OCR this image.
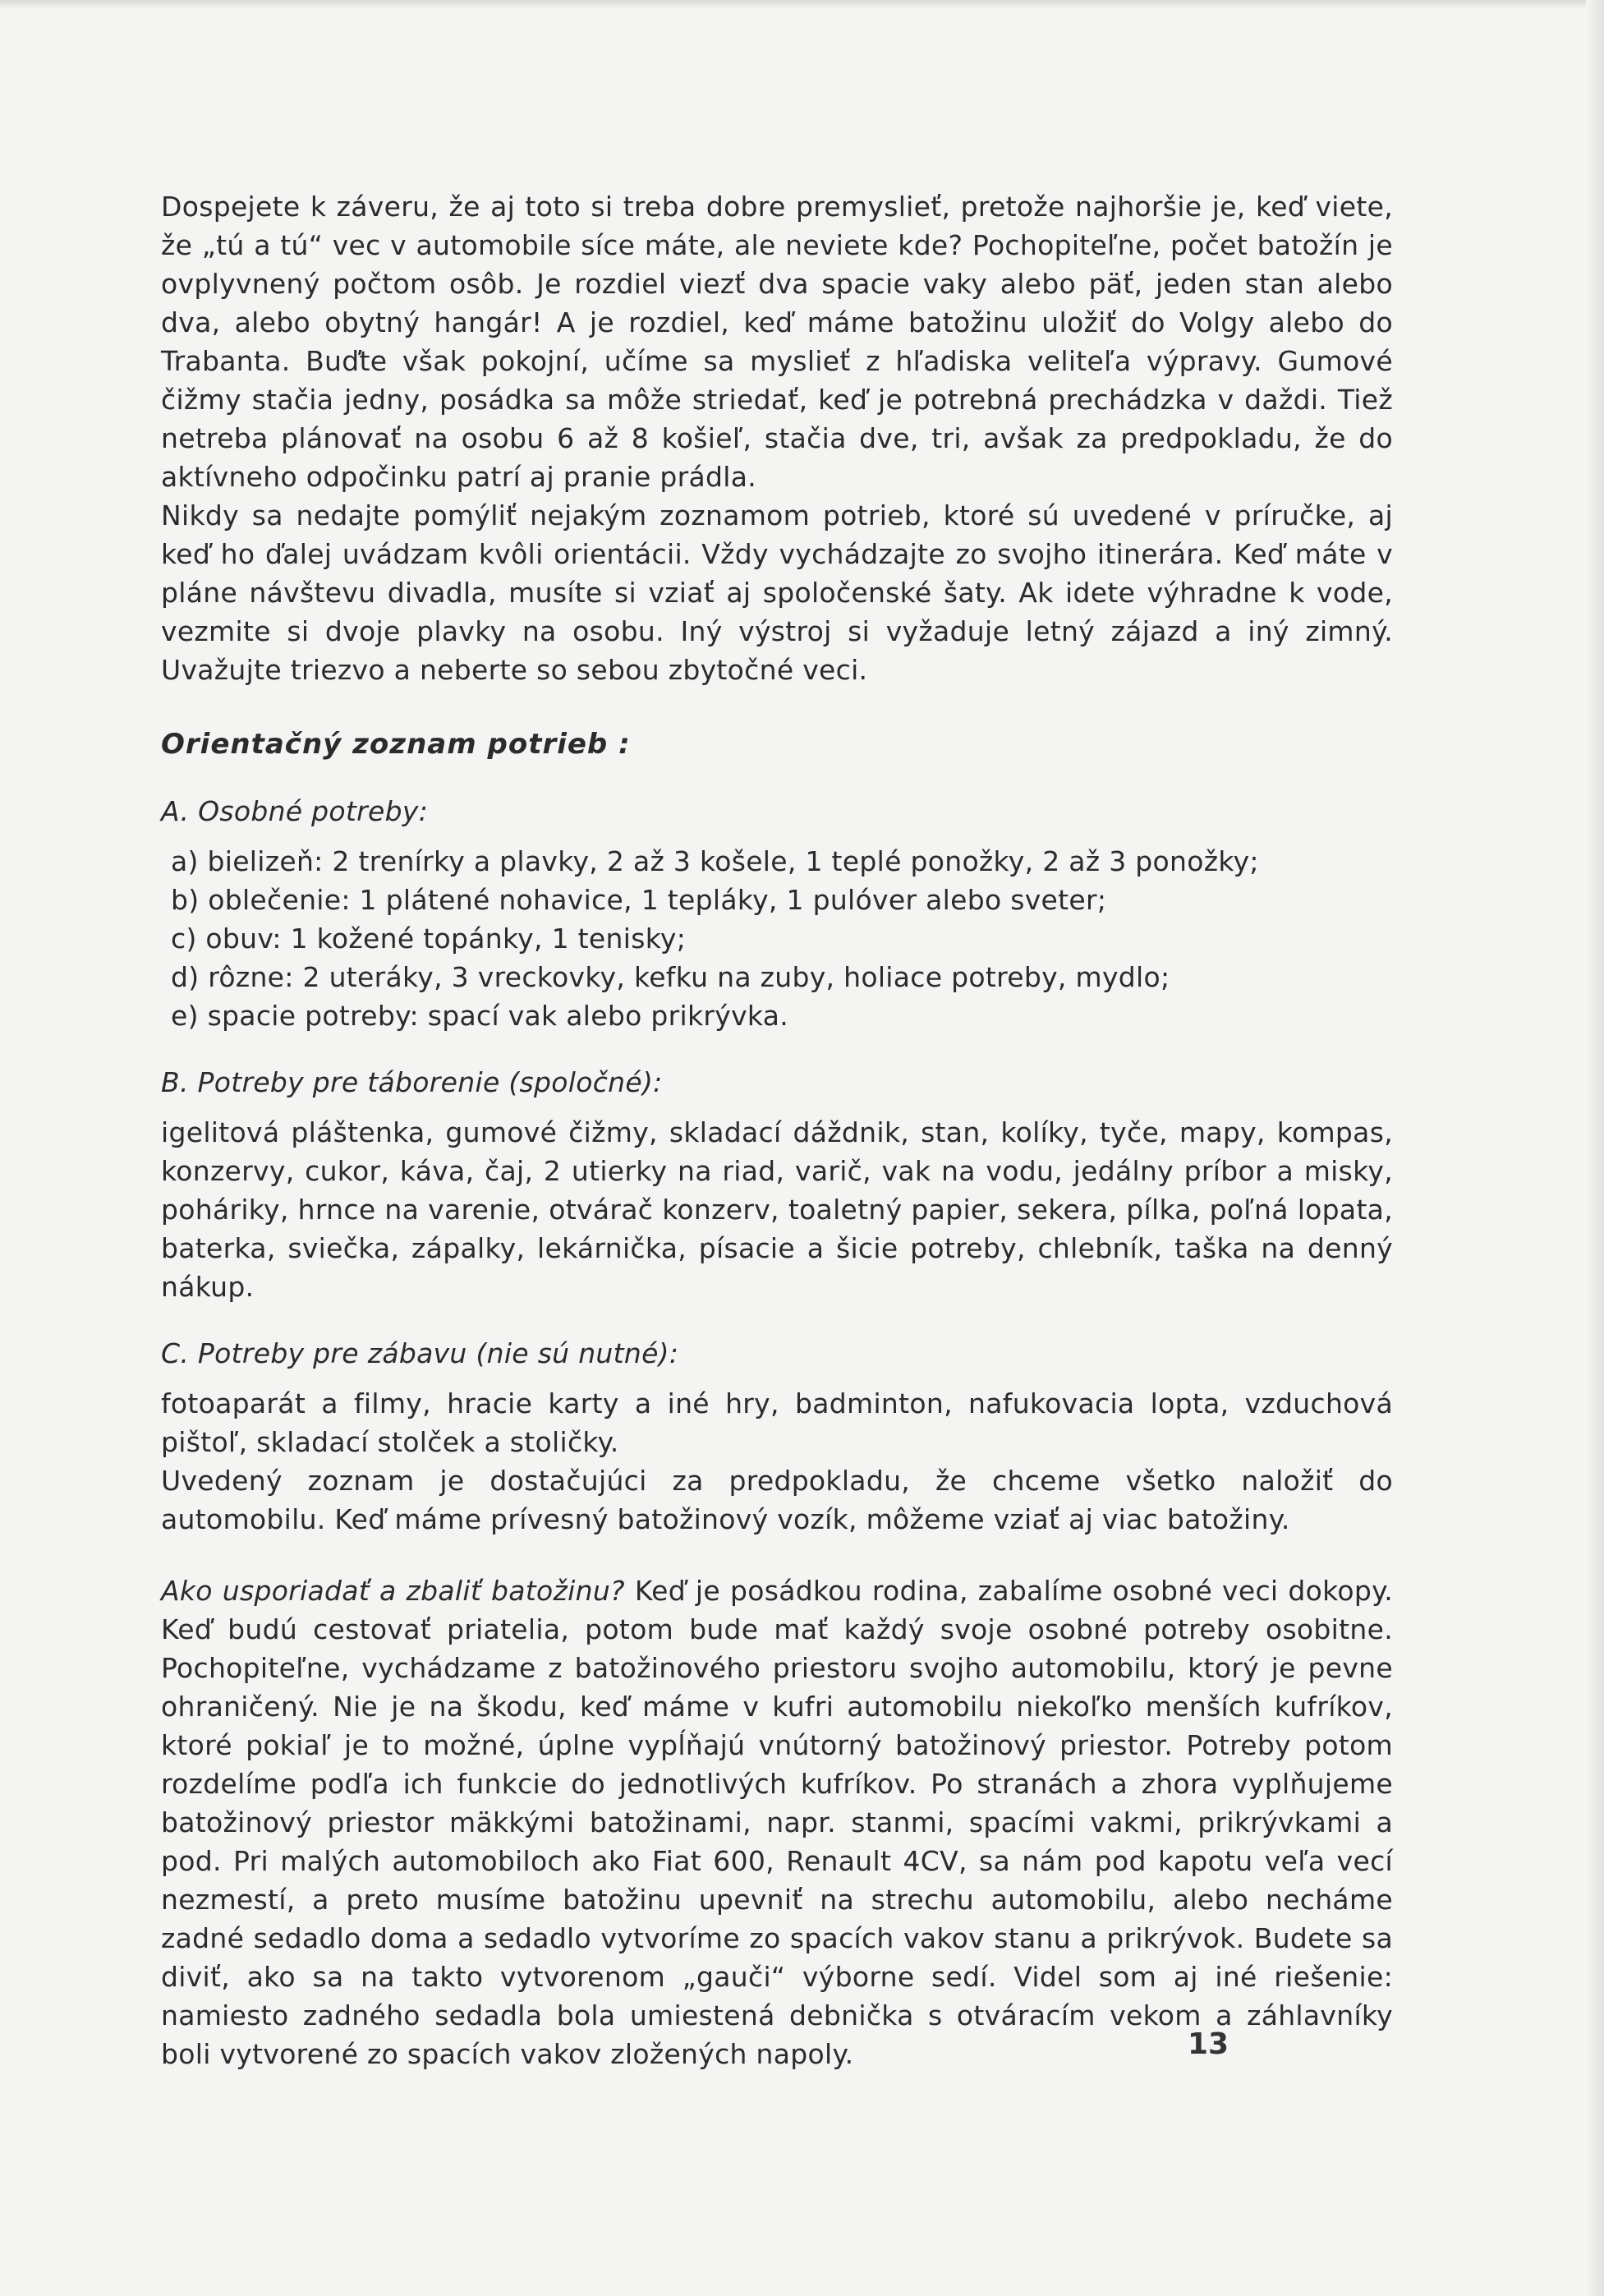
Dospejete k záveru, že aj toto si treba dobre premyslieť, pretože najhoršie je, keď viete, že „tú a tú“ vec v automobile síce máte, ale neviete kde? Pochopiteľne, počet batožín je ovplyvnený počtom osôb. Je rozdiel viezť dva spacie vaky alebo päť, jeden stan alebo dva, alebo obytný hangár! A je rozdiel, keď máme batožinu uložiť do Volgy alebo do Trabanta. Buďte však pokojní, učíme sa myslieť z hľadiska veliteľa výpravy. Gumové čižmy stačia jedny, posádka sa môže striedať, keď je potrebná prechádzka v daždi. Tiež netreba plánovať na osobu 6 až 8 košieľ, stačia dve, tri, avšak za predpokladu, že do aktívneho odpočinku patrí aj pranie prádla.

Nikdy sa nedajte pomýliť nejakým zoznamom potrieb, ktoré sú uvedené v príručke, aj keď ho ďalej uvádzam kvôli orientácii. Vždy vychádzajte zo svojho itinerára. Keď máte v pláne návštevu divadla, musíte si vziať aj spoločenské šaty. Ak idete výhradne k vode, vezmite si dvoje plavky na osobu. Iný výstroj si vyžaduje letný zájazd a iný zimný. Uvažujte triezvo a neberte so sebou zbytočné veci.

Orientačný zoznam potrieb :

A. Osobné potreby:

a) bielizeň: 2 trenírky a plavky, 2 až 3 košele, 1 teplé ponožky, 2 až 3 ponožky;
b) oblečenie: 1 plátené nohavice, 1 tepláky, 1 pulóver alebo sveter;
c) obuv: 1 kožené topánky, 1 tenisky;
d) rôzne: 2 uteráky, 3 vreckovky, kefku na zuby, holiace potreby, mydlo;
e) spacie potreby: spací vak alebo prikrývka.

B. Potreby pre táborenie (spoločné):

igelitová pláštenka, gumové čižmy, skladací dáždnik, stan, kolíky, tyče, mapy, kompas, konzervy, cukor, káva, čaj, 2 utierky na riad, varič, vak na vodu, jedálny príbor a misky, poháriky, hrnce na varenie, otvárač konzerv, toaletný papier, sekera, pílka, poľná lopata, baterka, sviečka, zápalky, lekárnička, písacie a šicie potreby, chlebník, taška na denný nákup.

C. Potreby pre zábavu (nie sú nutné):

fotoaparát a filmy, hracie karty a iné hry, badminton, nafukovacia lopta, vzduchová pištoľ, skladací stolček a stoličky.

Uvedený zoznam je dostačujúci za predpokladu, že chceme všetko naložiť do automobilu. Keď máme prívesný batožinový vozík, môžeme vziať aj viac batožiny.

Ako usporiadať a zbaliť batožinu? Keď je posádkou rodina, zabalíme osobné veci dokopy. Keď budú cestovať priatelia, potom bude mať každý svoje osobné potreby osobitne. Pochopiteľne, vychádzame z batožinového priestoru svojho automobilu, ktorý je pevne ohraničený. Nie je na škodu, keď máme v kufri automobilu niekoľko menších kufríkov, ktoré pokiaľ je to možné, úplne vypĺňajú vnútorný batožinový priestor. Potreby potom rozdelíme podľa ich funkcie do jednotlivých kufríkov. Po stranách a zhora vyplňujeme batožinový priestor mäkkými batožinami, napr. stanmi, spacími vakmi, prikrývkami a pod. Pri malých automobiloch ako Fiat 600, Renault 4CV, sa nám pod kapotu veľa vecí nezmestí, a preto musíme batožinu upevniť na strechu automobilu, alebo necháme zadné sedadlo doma a sedadlo vytvoríme zo spacích vakov stanu a prikrývok. Budete sa diviť, ako sa na takto vytvorenom „gauči“ výborne sedí. Videl som aj iné riešenie: namiesto zadného sedadla bola umiestená debnička s otváracím vekom a záhlavníky boli vytvorené zo spacích vakov zložených napoly.	13
